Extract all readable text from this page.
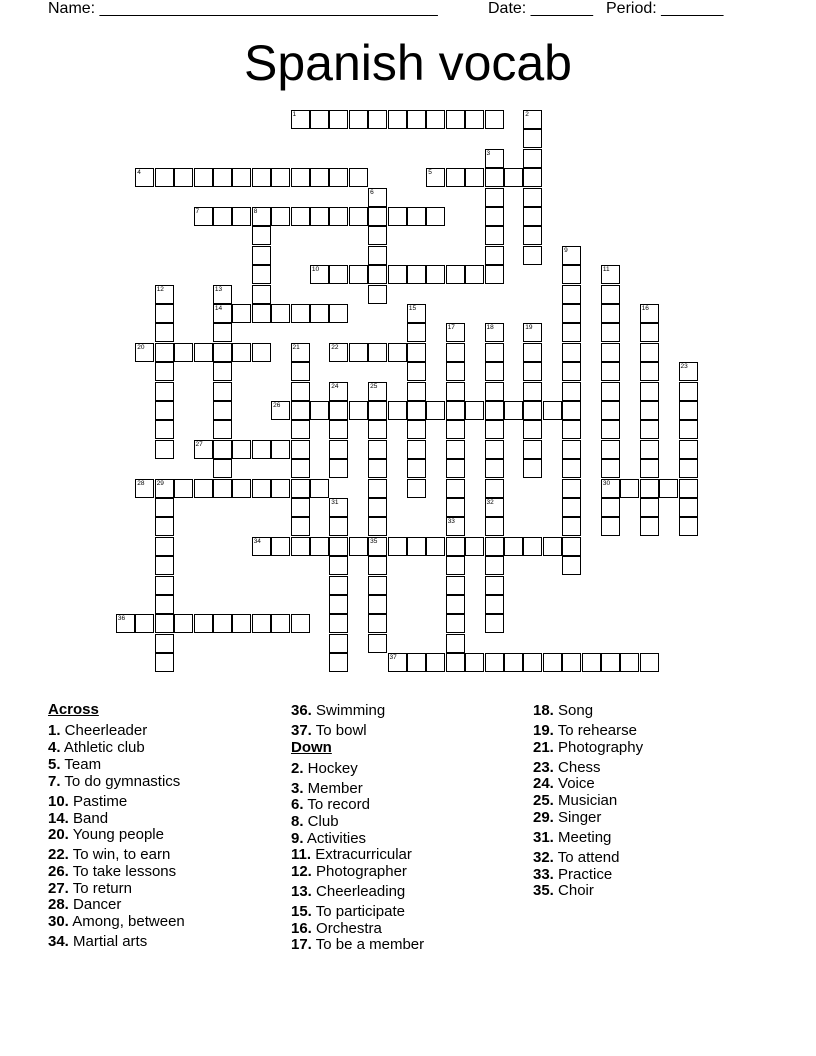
Name: ______________________________________	Date: _______ Period: _______
Spanish vocab
1	2
3
4	5
6
7	8
9
10	11
30
12	13
14	15	16
17
33
18
32
19
20	21	22
23
24	25
26
27
28 29
31
34	35
36
37
Across
1. Cheerleader
4. Athletic club
5. Team
7. To do gymnastics
10. Pastime
14. Band
20. Young people
22. To win, to earn
26. To take lessons
27. To return
28. Dancer
30. Among, between
34. Martial arts
36. Swimming
37. To bowl
Down
2. Hockey
3. Member
6. To record
8. Club
9. Activities
11. Extracurricular
12. Photographer
13. Cheerleading
15. To participate
16. Orchestra
17. To be a member
18. Song
19. To rehearse
21. Photography
23. Chess
24. Voice
25. Musician
29. Singer
31. Meeting
32. To attend
33. Practice
35. Choir
